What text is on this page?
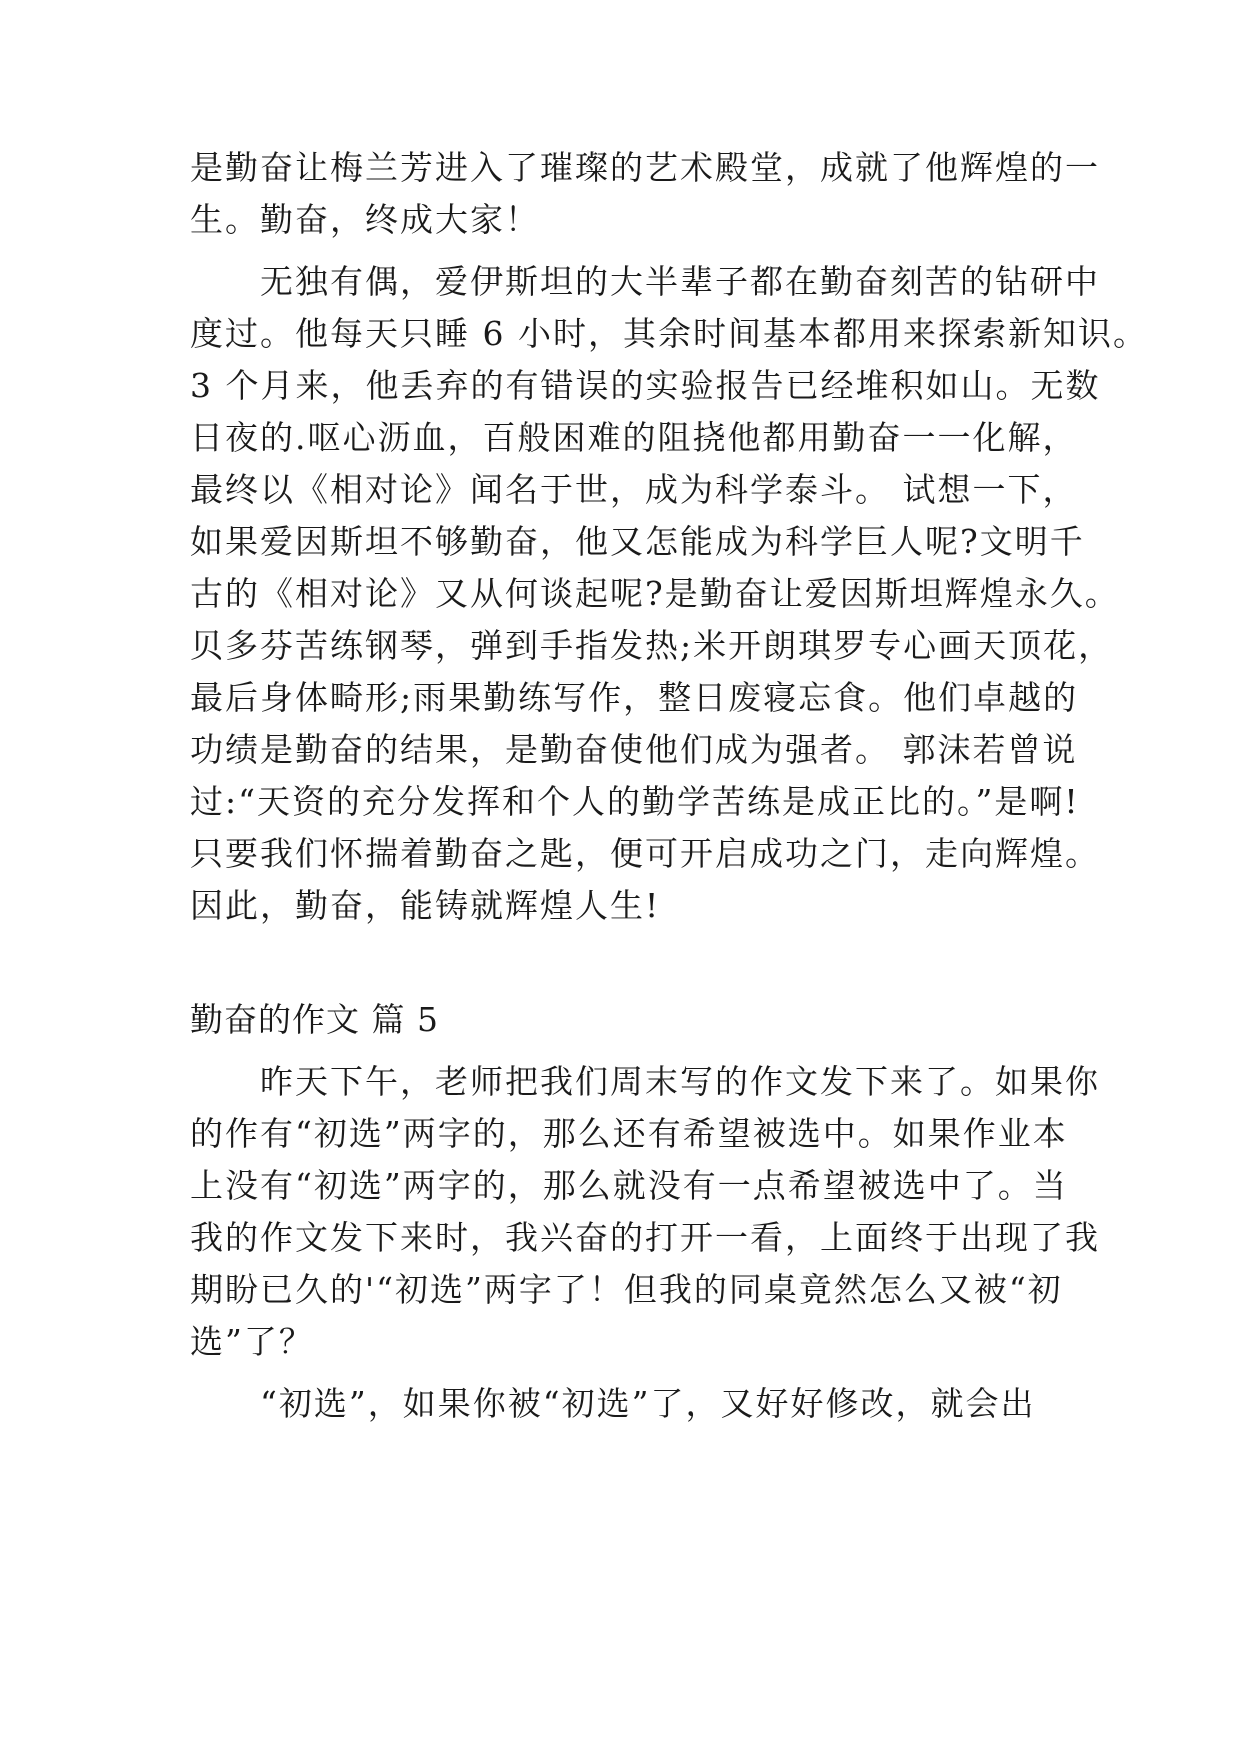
是勤奋让梅兰芳进入了璀璨的艺术殿堂，成就了他辉煌的一
生。勤奋，终成大家！
　　无独有偶，爱伊斯坦的大半辈子都在勤奋刻苦的钻研中
度过。他每天只睡 6 小时，其余时间基本都用来探索新知识。
3 个月来，他丢弃的有错误的实验报告已经堆积如山。无数
日夜的.呕心沥血，百般困难的阻挠他都用勤奋一一化解，
最终以《相对论》闻名于世，成为科学泰斗。 试想一下，
如果爱因斯坦不够勤奋，他又怎能成为科学巨人呢?文明千
古的《相对论》又从何谈起呢?是勤奋让爱因斯坦辉煌永久。
贝多芬苦练钢琴，弹到手指发热;米开朗琪罗专心画天顶花，
最后身体畸形;雨果勤练写作，整日废寝忘食。他们卓越的
功绩是勤奋的结果，是勤奋使他们成为强者。 郭沫若曾说
过:“天资的充分发挥和个人的勤学苦练是成正比的。”是啊!
只要我们怀揣着勤奋之匙，便可开启成功之门，走向辉煌。
因此，勤奋，能铸就辉煌人生!
勤奋的作文 篇 5
　　昨天下午，老师把我们周末写的作文发下来了。如果你
的作有“初选”两字的，那么还有希望被选中。如果作业本
上没有“初选”两字的，那么就没有一点希望被选中了。当
我的作文发下来时，我兴奋的打开一看，上面终于出现了我
期盼已久的'“初选”两字了！但我的同桌竟然怎么又被“初
选”了？
　　“初选”，如果你被“初选”了，又好好修改，就会出
